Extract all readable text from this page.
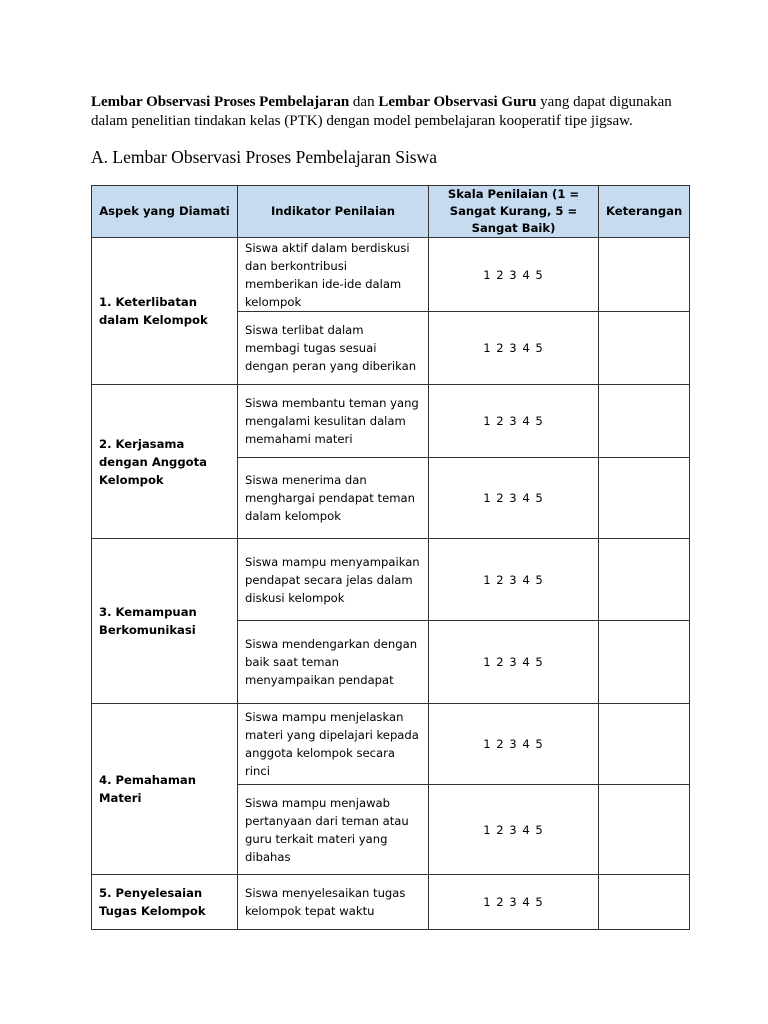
Lembar Observasi Proses Pembelajaran dan Lembar Observasi Guru yang dapat digunakan dalam penelitian tindakan kelas (PTK) dengan model pembelajaran kooperatif tipe jigsaw.

A. Lembar Observasi Proses Pembelajaran Siswa
Aspek yang Diamati	Indikator Penilaian	Skala Penilaian (1 = Sangat Kurang, 5 = Sangat Baik)	Keterangan
1. Keterlibatan dalam Kelompok	Siswa aktif dalam berdiskusi dan berkontribusi memberikan ide-ide dalam kelompok	1 2 3 4 5	
	Siswa terlibat dalam membagi tugas sesuai dengan peran yang diberikan	1 2 3 4 5	
2. Kerjasama dengan Anggota Kelompok	Siswa membantu teman yang mengalami kesulitan dalam memahami materi	1 2 3 4 5	
	Siswa menerima dan menghargai pendapat teman dalam kelompok	1 2 3 4 5	
3. Kemampuan Berkomunikasi	Siswa mampu menyampaikan pendapat secara jelas dalam diskusi kelompok	1 2 3 4 5	
	Siswa mendengarkan dengan baik saat teman menyampaikan pendapat	1 2 3 4 5	
4. Pemahaman Materi	Siswa mampu menjelaskan materi yang dipelajari kepada anggota kelompok secara rinci	1 2 3 4 5	
	Siswa mampu menjawab pertanyaan dari teman atau guru terkait materi yang dibahas	1 2 3 4 5	
5. Penyelesaian Tugas Kelompok	Siswa menyelesaikan tugas kelompok tepat waktu	1 2 3 4 5	
